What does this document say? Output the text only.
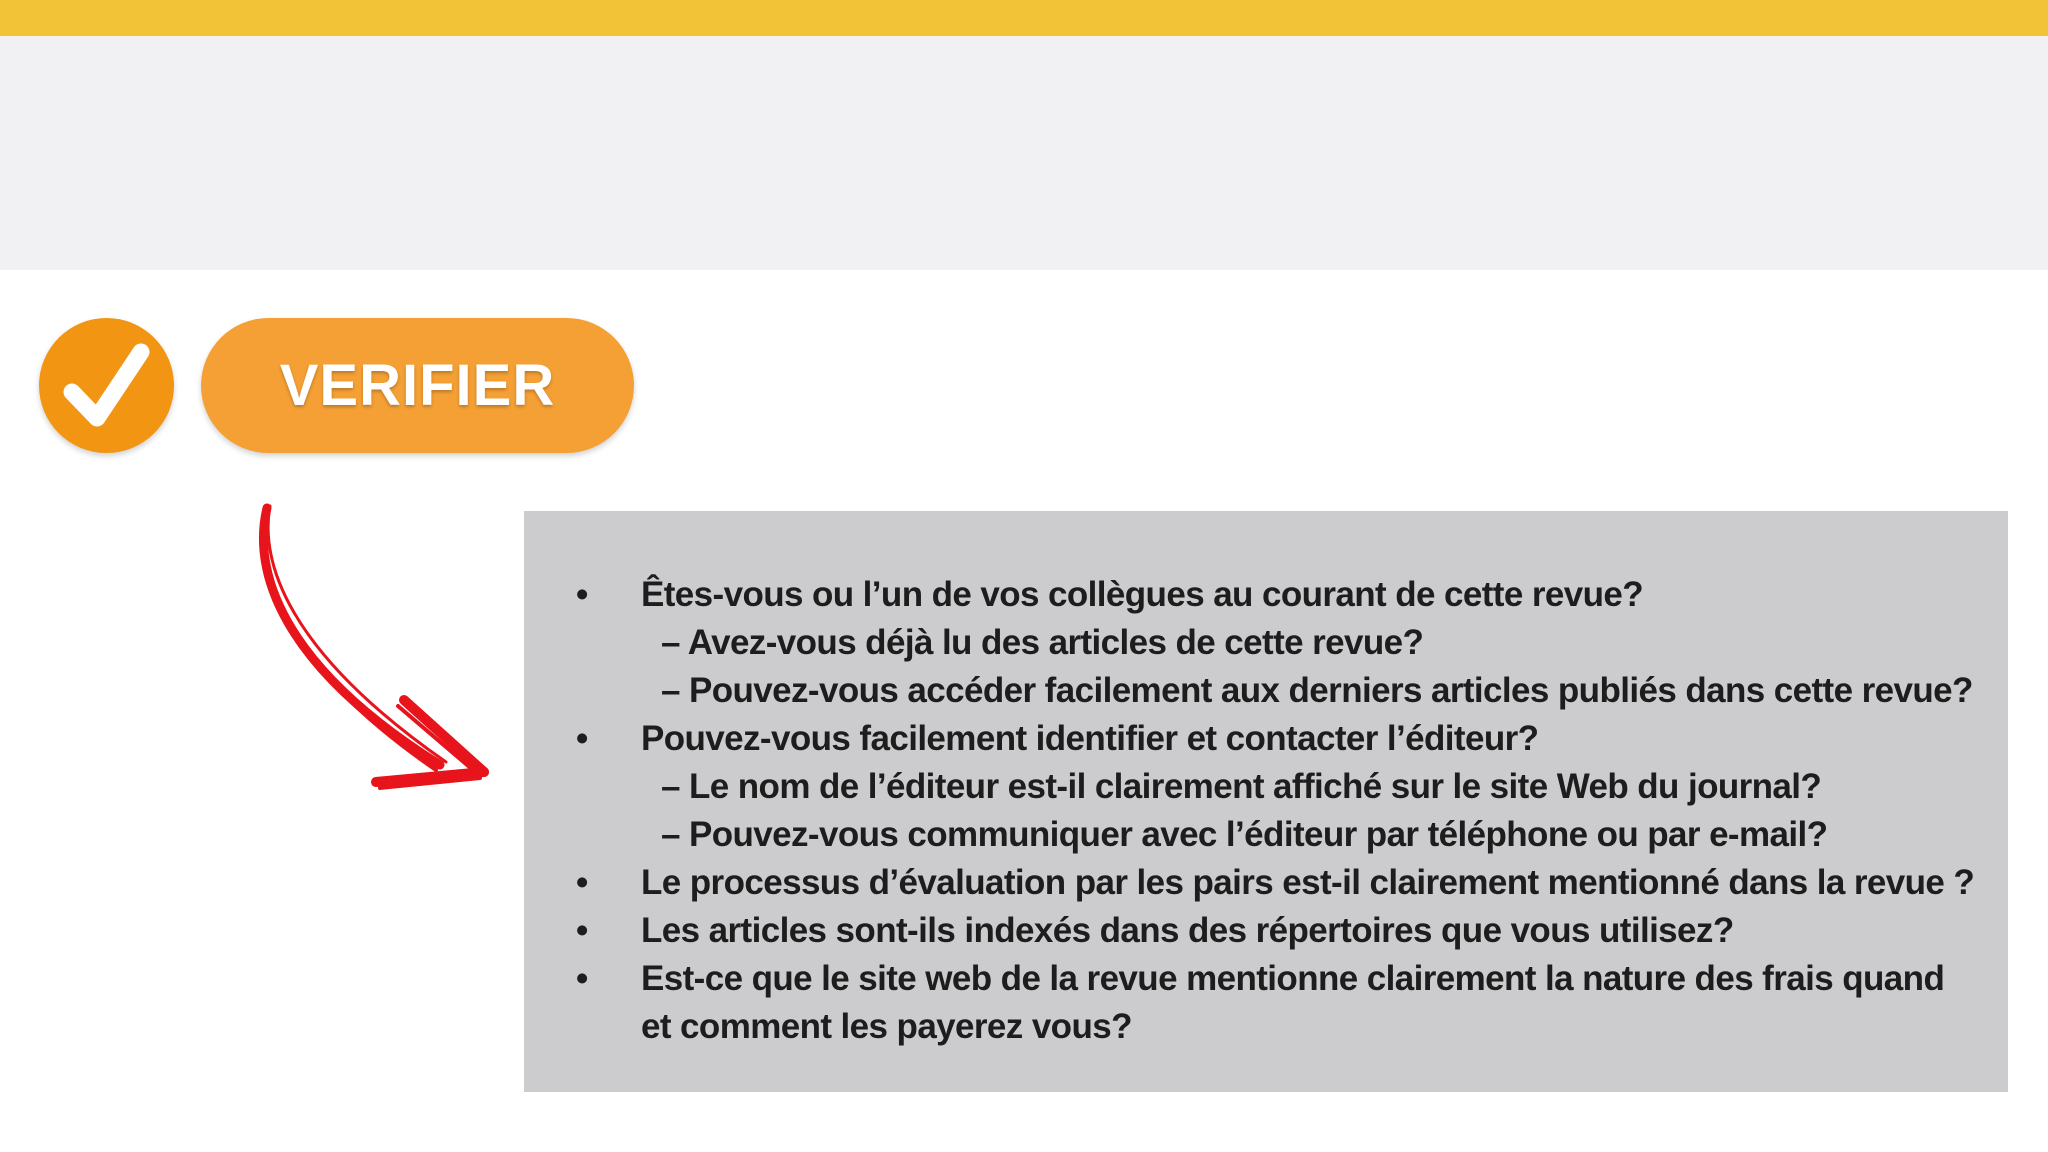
VERIFIER
• Êtes-vous ou l’un de vos collègues au courant de cette revue?
– Avez-vous déjà lu des articles de cette revue?
– Pouvez-vous accéder facilement aux derniers articles publiés dans cette revue?
• Pouvez-vous facilement identifier et contacter l’éditeur?
– Le nom de l’éditeur est-il clairement affiché sur le site Web du journal?
– Pouvez-vous communiquer avec l’éditeur par téléphone ou par e-mail?
• Le processus d’évaluation par les pairs est-il clairement mentionné dans la revue ?
• Les articles sont-ils indexés dans des répertoires que vous utilisez?
• Est-ce que le site web de la revue mentionne clairement la nature des frais quand et comment les payerez vous?
